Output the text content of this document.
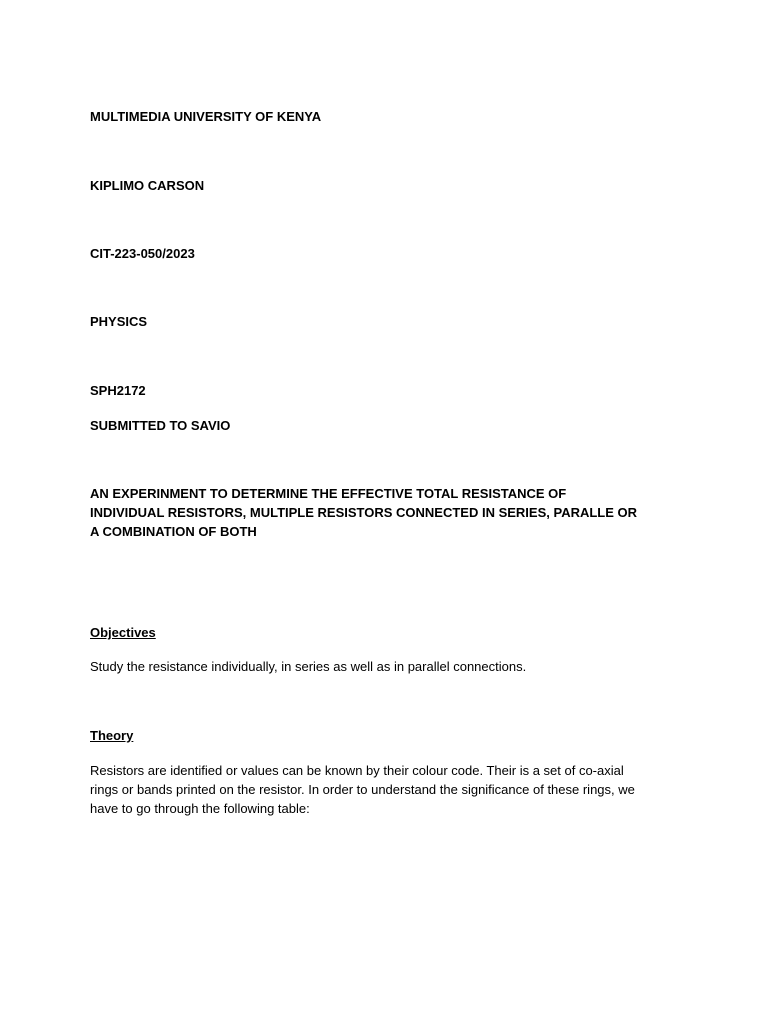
MULTIMEDIA UNIVERSITY OF KENYA

KIPLIMO CARSON

CIT-223-050/2023

PHYSICS

SPH2172

SUBMITTED TO SAVIO

AN EXPERINMENT TO DETERMINE THE EFFECTIVE TOTAL RESISTANCE OF
INDIVIDUAL RESISTORS, MULTIPLE RESISTORS CONNECTED IN SERIES, PARALLE OR
A COMBINATION OF BOTH

Objectives

Study the resistance individually, in series as well as in parallel connections.

Theory

Resistors are identified or values can be known by their colour code. Their is a set of co-axial
rings or bands printed on the resistor. In order to understand the significance of these rings, we
have to go through the following table:
